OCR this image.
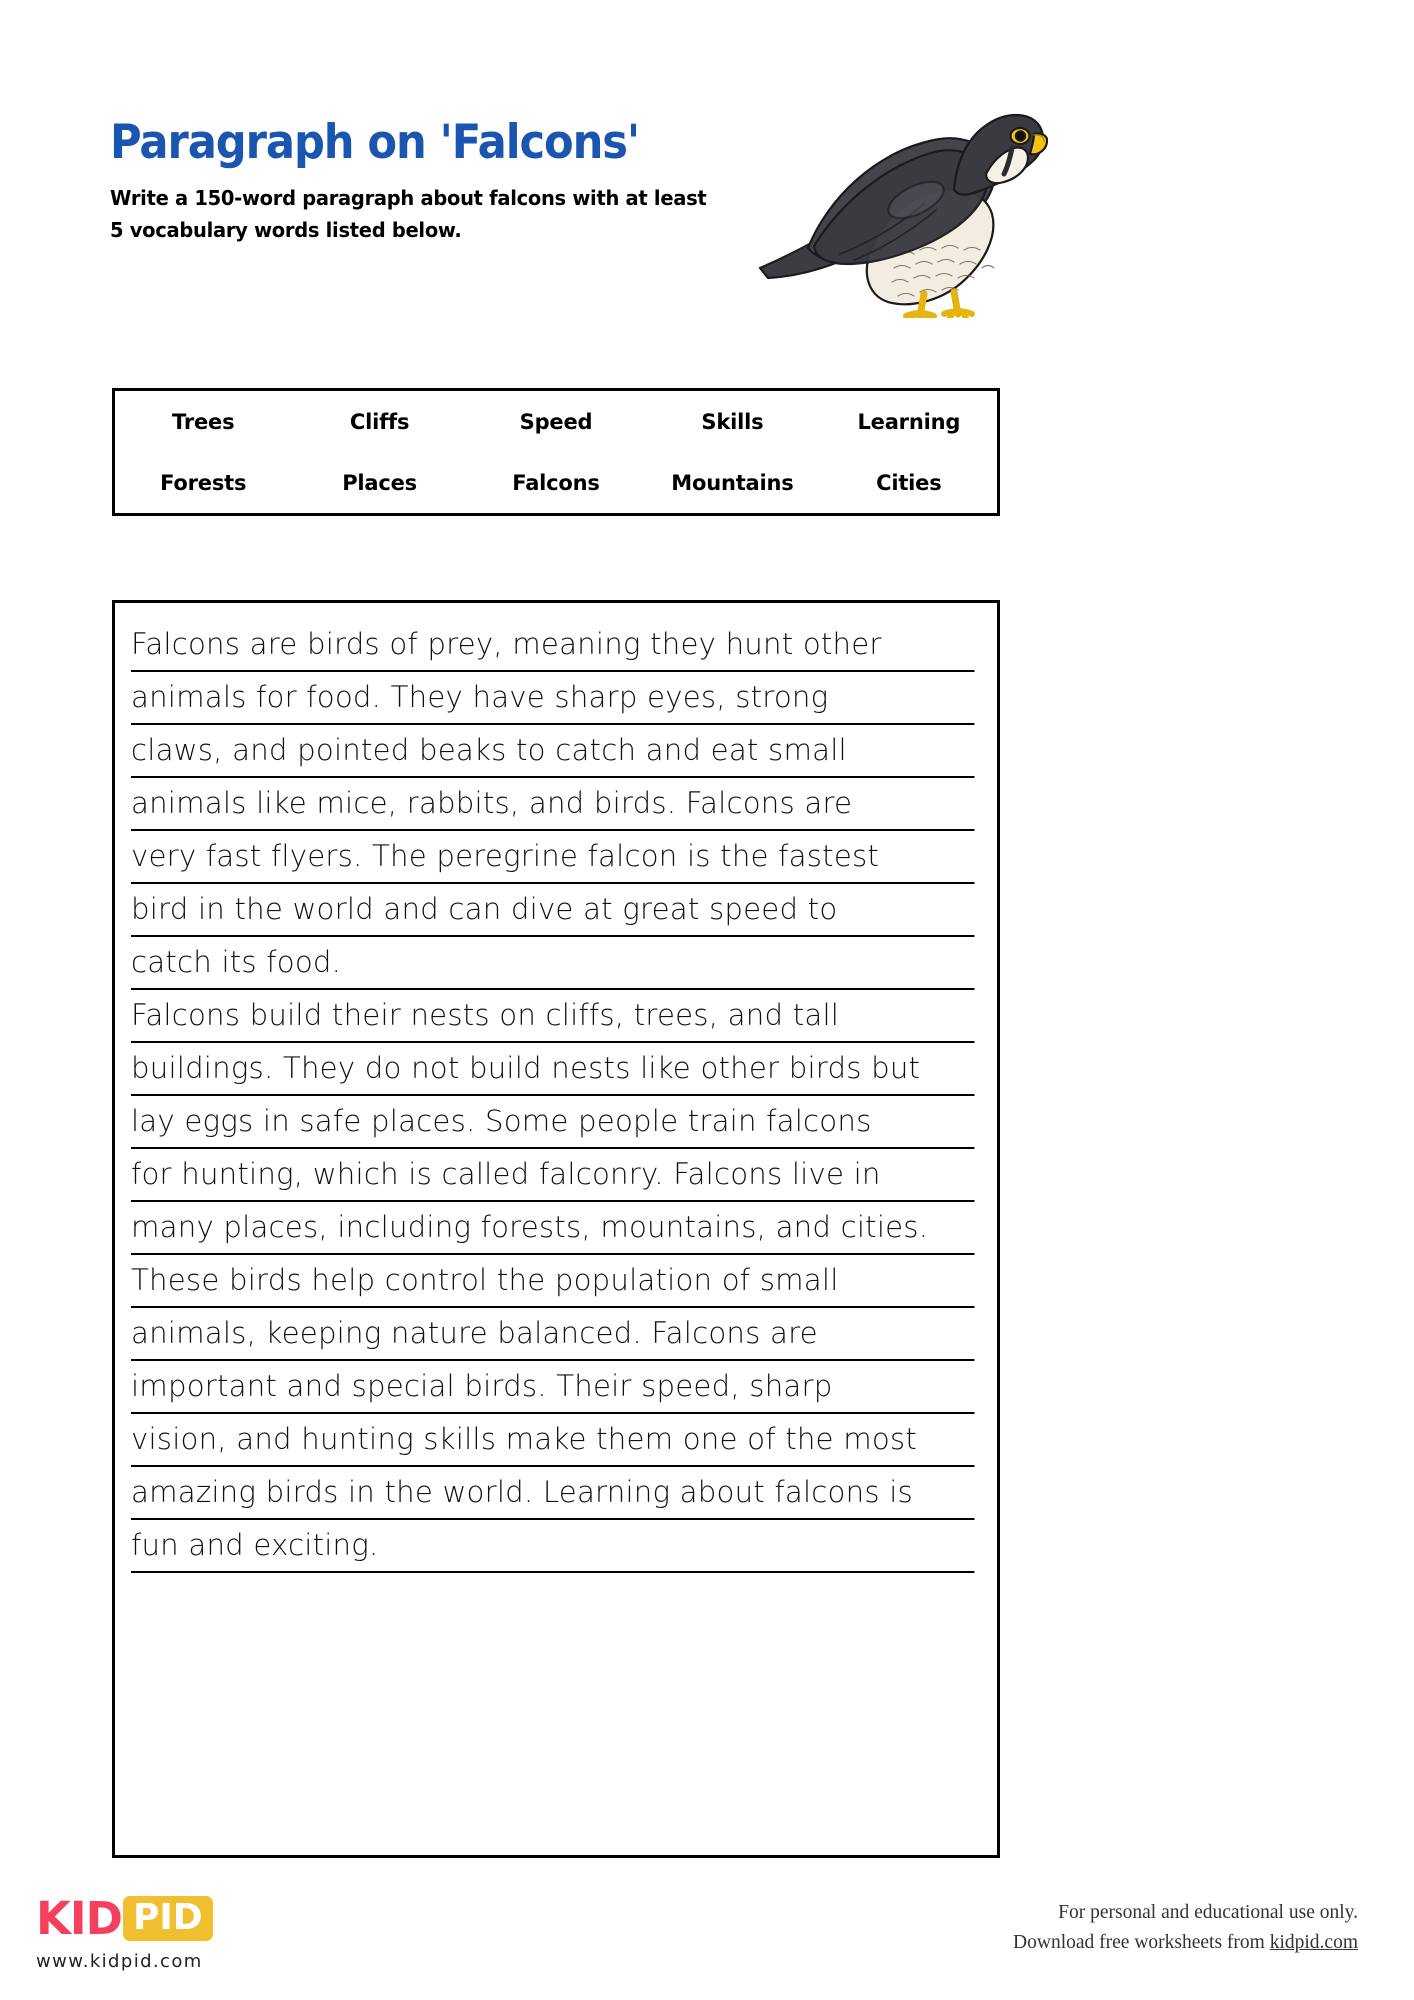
Paragraph on 'Falcons'
Write a 150-word paragraph about falcons with at least
5 vocabulary words listed below.
Trees	Cliffs	Speed	Skills	Learning
Forests	Places	Falcons	Mountains	Cities
Falcons are birds of prey, meaning they hunt other
animals for food. They have sharp eyes, strong
claws, and pointed beaks to catch and eat small
animals like mice, rabbits, and birds. Falcons are
very fast flyers. The peregrine falcon is the fastest
bird in the world and can dive at great speed to
catch its food.
Falcons build their nests on cliffs, trees, and tall
buildings. They do not build nests like other birds but
lay eggs in safe places. Some people train falcons
for hunting, which is called falconry. Falcons live in
many places, including forests, mountains, and cities.
These birds help control the population of small
animals, keeping nature balanced. Falcons are
important and special birds. Their speed, sharp
vision, and hunting skills make them one of the most
amazing birds in the world. Learning about falcons is
fun and exciting.
KID PID
www.kidpid.com
For personal and educational use only.
Download free worksheets from kidpid.com
